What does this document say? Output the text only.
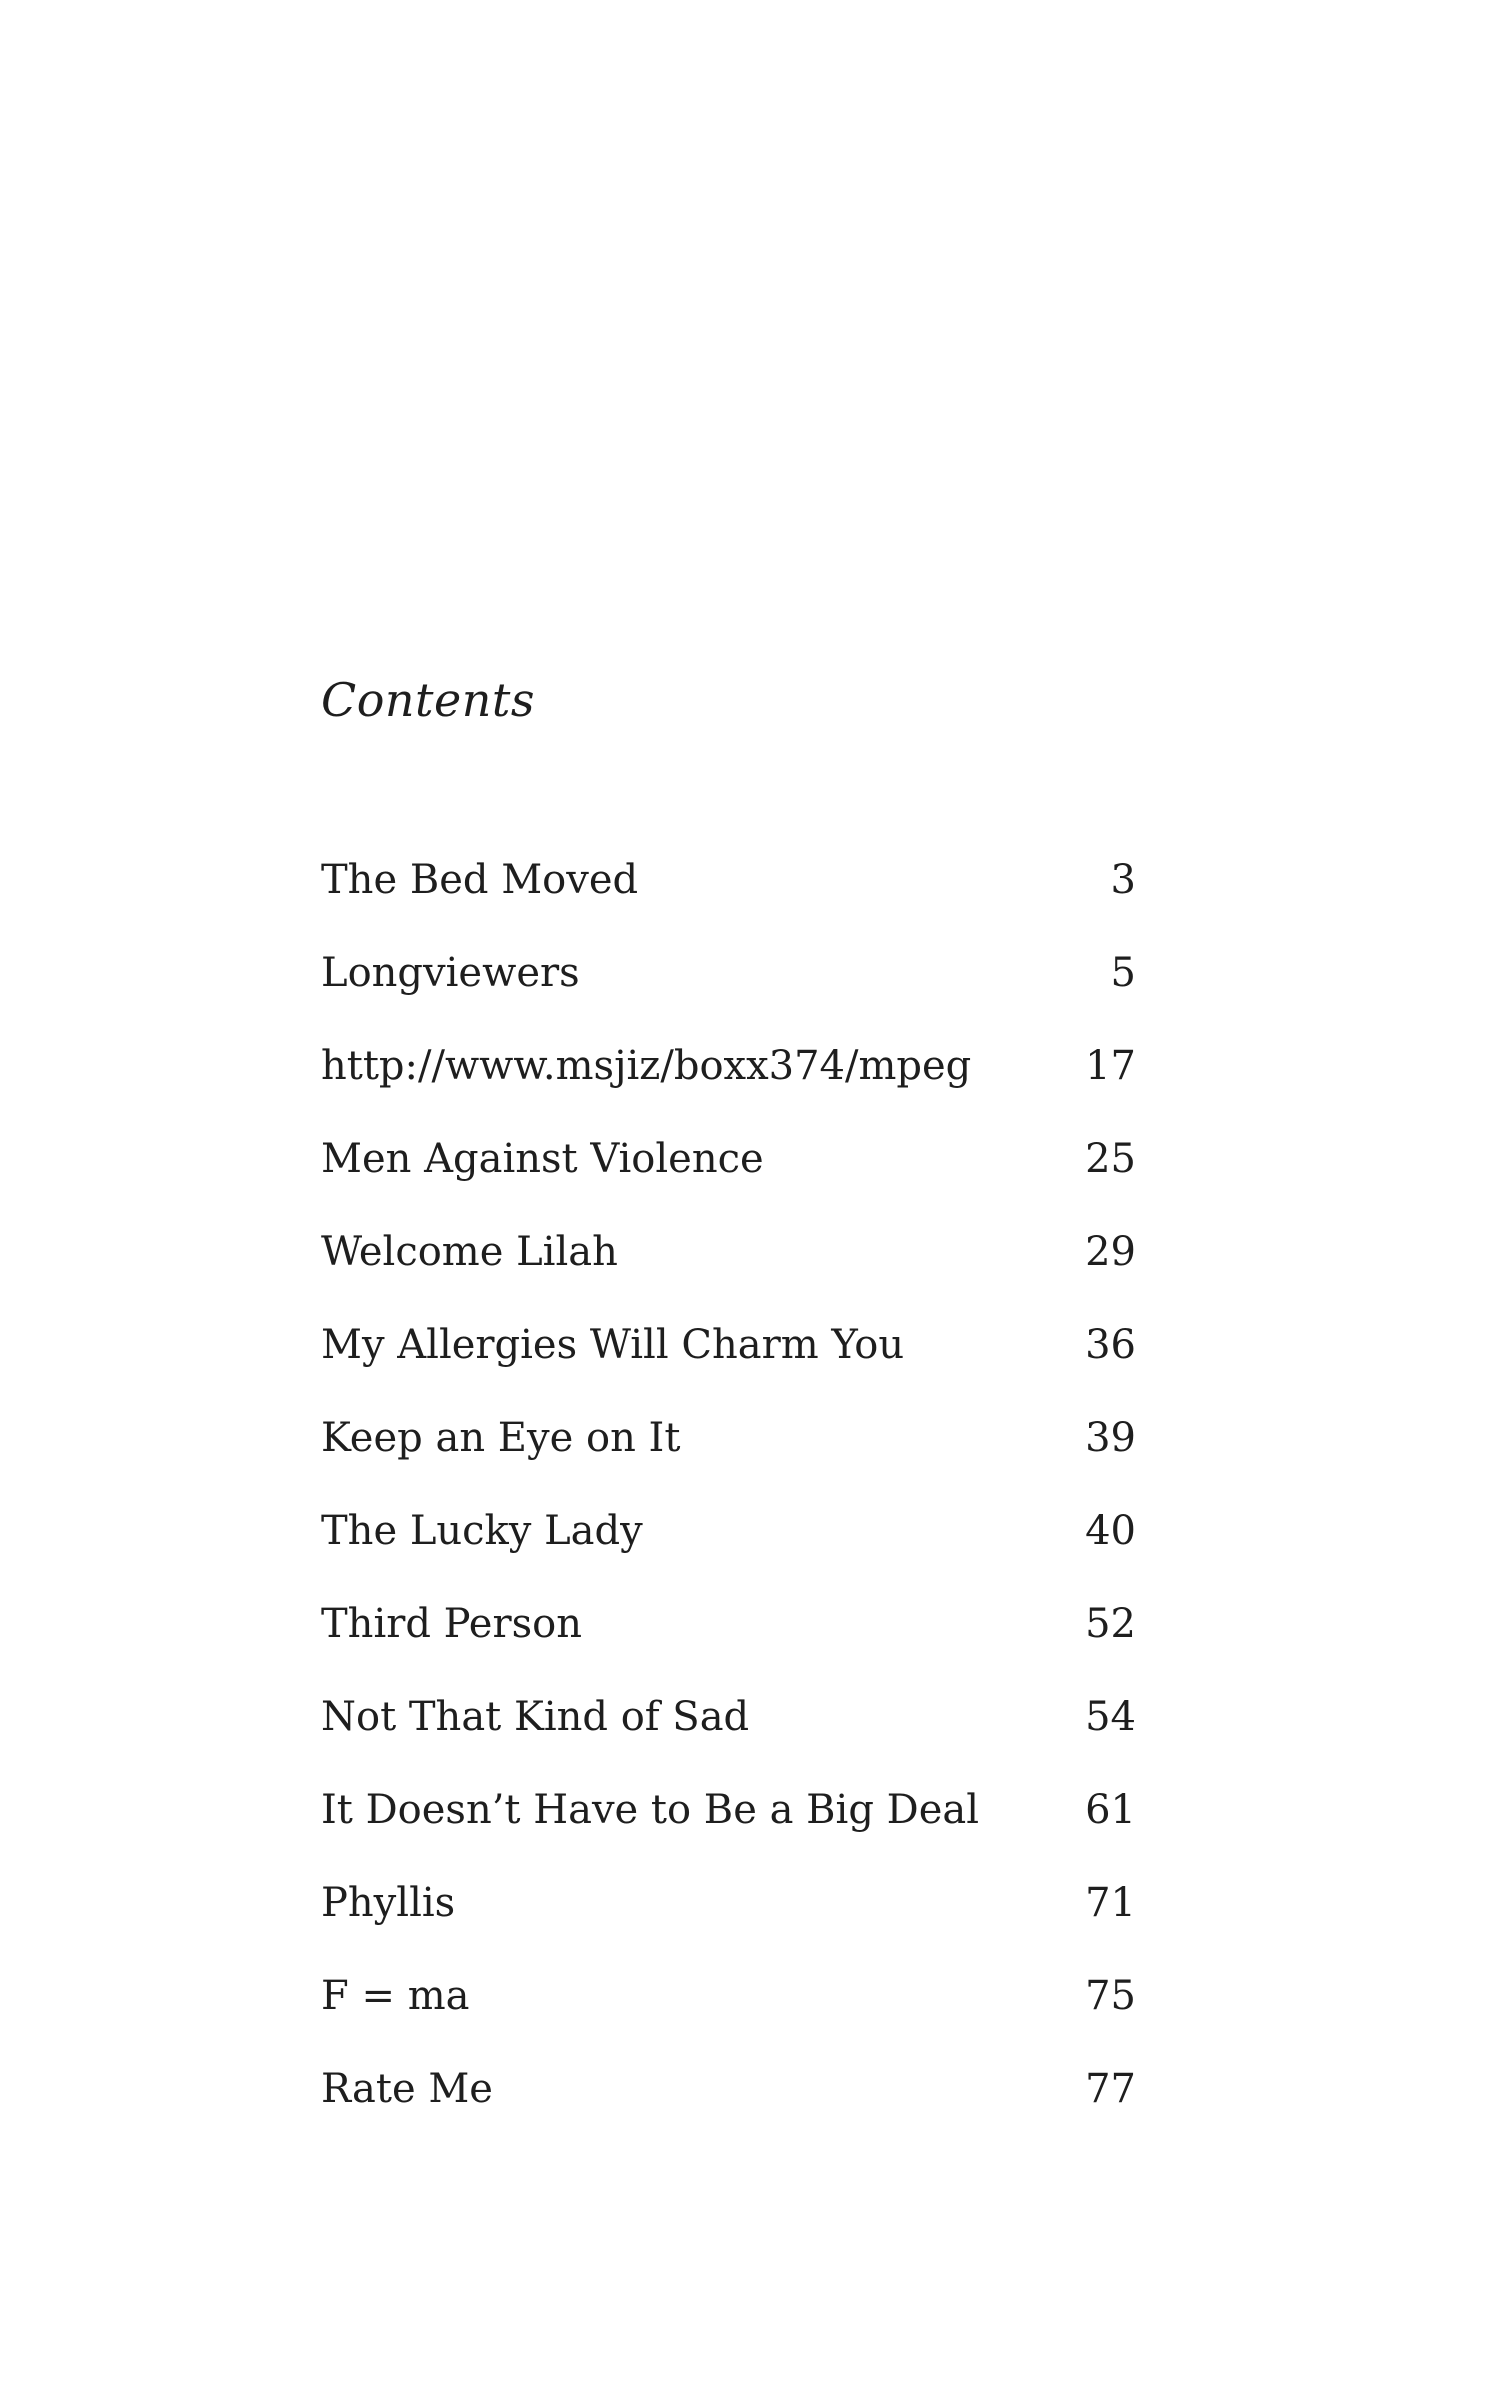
Contents
The Bed Moved	3
Longviewers	5
http://www.msjiz/boxx374/mpeg	17
Men Against Violence	25
Welcome Lilah	29
My Allergies Will Charm You	36
Keep an Eye on It	39
The Lucky Lady	40
Third Person	52
Not That Kind of Sad	54
It Doesn’t Have to Be a Big Deal	61
Phyllis	71
F = ma	75
Rate Me	77
